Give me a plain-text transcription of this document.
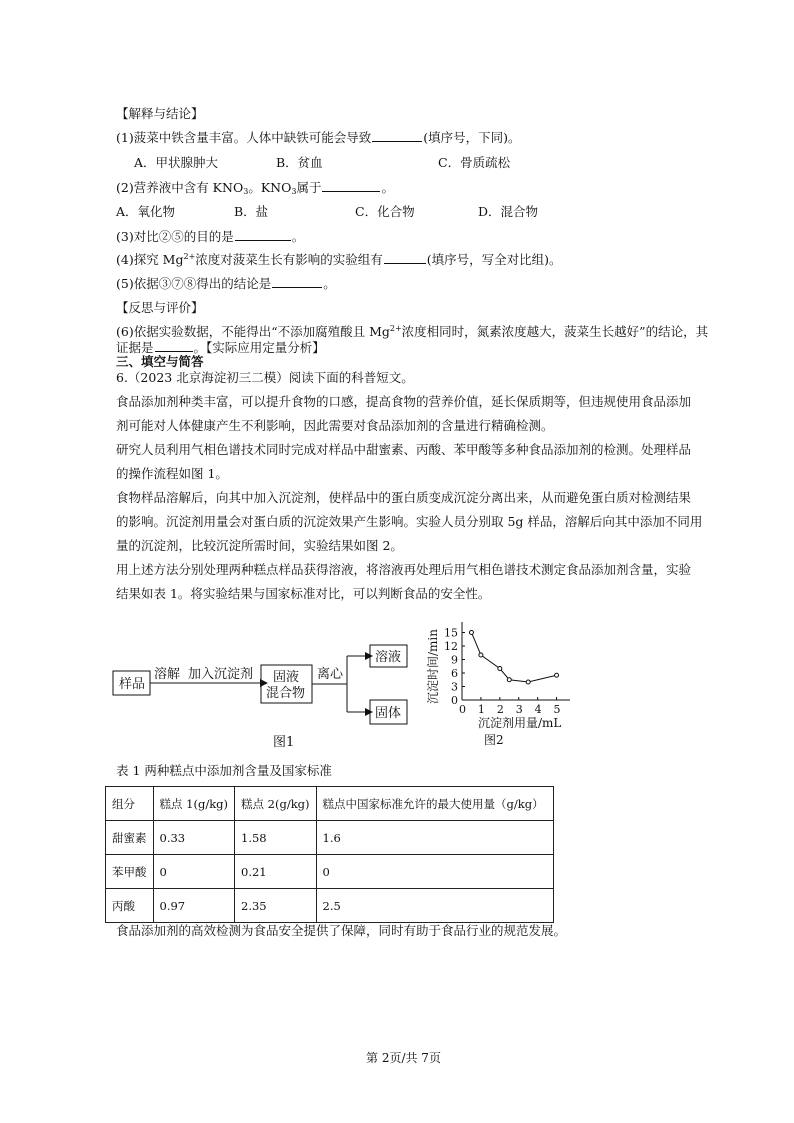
【解释与结论】
(1)菠菜中铁含量丰富。人体中缺铁可能会导致	(填序号，下同)。
A．甲状腺肿大	B．贫血	C．骨质疏松
(2)营养液中含有 $KNO_3$。$KNO_3$属于	。
A．氧化物	B．盐	C．化合物	D．混合物
(3)对比②⑤的目的是	。
(4)探究 $Mg^{2+}$浓度对菠菜生长有影响的实验组有	(填序号，写全对比组)。
(5)依据③⑦⑧得出的结论是	。
【反思与评价】
(6)依据实验数据，不能得出“不添加腐殖酸且 $Mg^{2+}$浓度相同时，氮素浓度越大，菠菜生长越好”的结论，其
证据是	。【实际应用定量分析】
三、填空与简答
6.（2023 北京海淀初三二模）阅读下面的科普短文。
食品添加剂种类丰富，可以提升食物的口感，提高食物的营养价值，延长保质期等，但违规使用食品添加
剂可能对人体健康产生不利影响，因此需要对食品添加剂的含量进行精确检测。
研究人员利用气相色谱技术同时完成对样品中甜蜜素、丙酸、苯甲酸等多种食品添加剂的检测。处理样品
的操作流程如图 1。
食物样品溶解后，向其中加入沉淀剂，使样品中的蛋白质变成沉淀分离出来，从而避免蛋白质对检测结果
的影响。沉淀剂用量会对蛋白质的沉淀效果产生影响。实验人员分别取 5g 样品，溶解后向其中添加不同用
量的沉淀剂，比较沉淀所需时间，实验结果如图 2。
用上述方法分别处理两种糕点样品获得溶液，将溶液再处理后用气相色谱技术测定食品添加剂含量，实验
结果如表 1。将实验结果与国家标准对比，可以判断食品的安全性。
样品
溶解 加入沉淀剂 固液
混合物
离心
溶液
固体
图1
0 1 2 3 4 5
0
3
6
9
12
15
沉淀剂用量/mL
沉淀时间/min
图2
表 1 两种糕点中添加剂含量及国家标准
组分	糕点 1(g/kg)	糕点 2(g/kg)	糕点中国家标准允许的最大使用量（g/kg）
甜蜜素	0.33	1.58	1.6
苯甲酸	0	0.21	0
丙酸	0.97	2.35	2.5
食品添加剂的高效检测为食品安全提供了保障，同时有助于食品行业的规范发展。
第 2页/共 7页
